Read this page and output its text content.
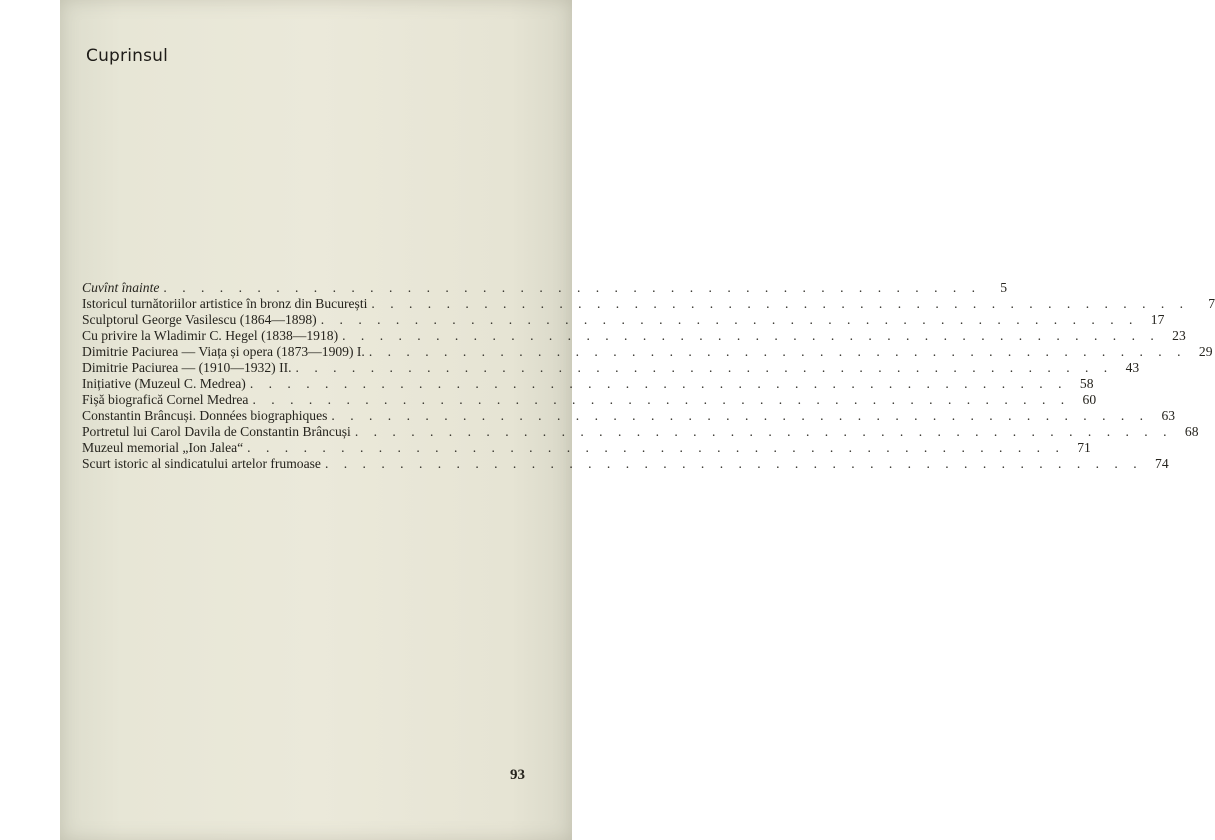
Cuprinsul
Cuvînt înainte . . .	5
Istoricul turnătoriilor artistice în bronz din București . . .	7
Sculptorul George Vasilescu (1864—1898) . . .	17
Cu privire la Wladimir C. Hegel (1838—1918) . . .	23
Dimitrie Paciurea — Viața și opera (1873—1909) I. . . .	29
Dimitrie Paciurea — (1910—1932) II. . . .	43
Inițiative (Muzeul C. Medrea) . . .	58
Fișă biografică Cornel Medrea . . .	60
Constantin Brâncuși. Données biographiques . . .	63
Portretul lui Carol Davila de Constantin Brâncuși . . .	68
Muzeul memorial „Ion Jalea“ . . .	71
Scurt istoric al sindicatului artelor frumoase . . .	74
93
